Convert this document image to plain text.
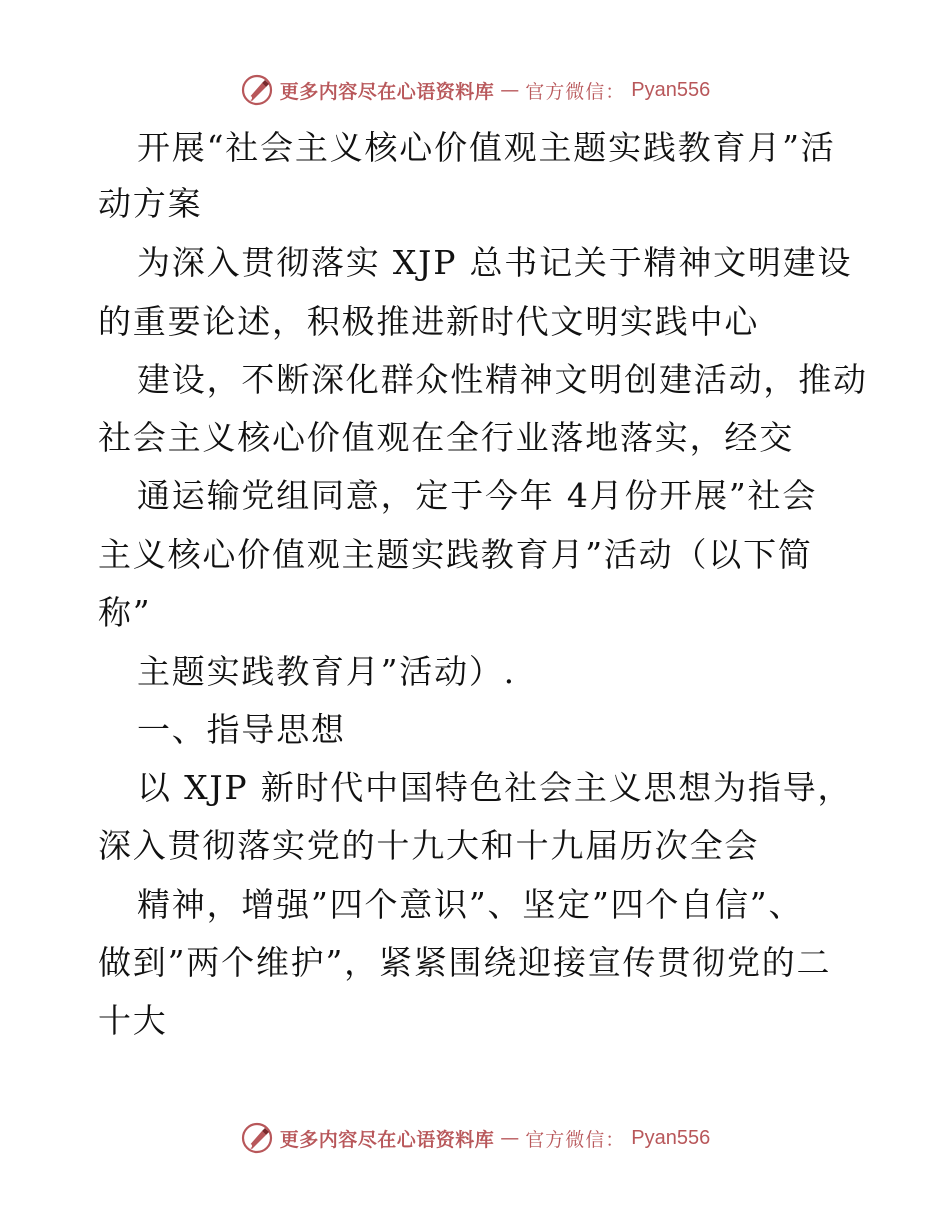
更多内容尽在心语资料库 — 官方微信： Pyan556
开展“社会主义核心价值观主题实践教育月”活
动方案
为深入贯彻落实 XJP 总书记关于精神文明建设
的重要论述，积极推进新时代文明实践中心
建设，不断深化群众性精神文明创建活动，推动
社会主义核心价值观在全行业落地落实，经交
通运输党组同意，定于今年 4月份开展”社会
主义核心价值观主题实践教育月”活动（以下简
称”
主题实践教育月”活动）.
一、指导思想
以 XJP 新时代中国特色社会主义思想为指导，
深入贯彻落实党的十九大和十九届历次全会
精神，增强”四个意识”、坚定”四个自信”、
做到”两个维护”，紧紧围绕迎接宣传贯彻党的二
十大
更多内容尽在心语资料库 — 官方微信： Pyan556
